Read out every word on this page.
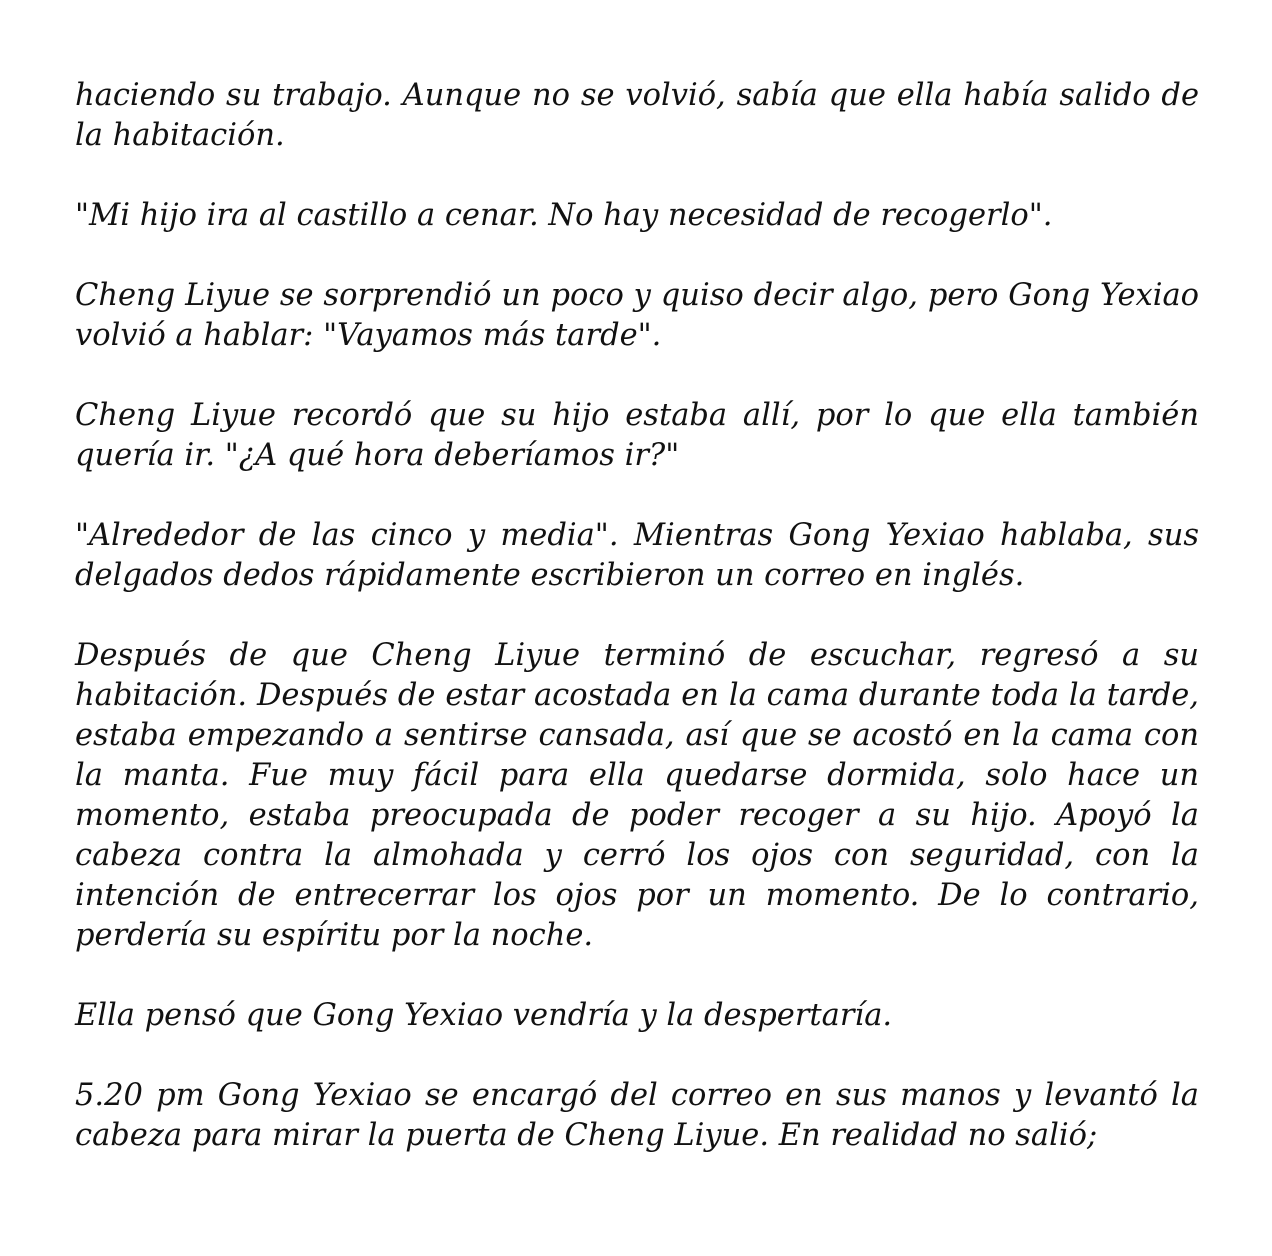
haciendo su trabajo. Aunque no se volvió, sabía que ella había salido de la habitación.

"Mi hijo ira al castillo a cenar. No hay necesidad de recogerlo".

Cheng Liyue se sorprendió un poco y quiso decir algo, pero Gong Yexiao volvió a hablar: "Vayamos más tarde".

Cheng Liyue recordó que su hijo estaba allí, por lo que ella también quería ir. "¿A qué hora deberíamos ir?"

"Alrededor de las cinco y media". Mientras Gong Yexiao hablaba, sus delgados dedos rápidamente escribieron un correo en inglés.

Después de que Cheng Liyue terminó de escuchar, regresó a su habitación. Después de estar acostada en la cama durante toda la tarde, estaba empezando a sentirse cansada, así que se acostó en la cama con la manta. Fue muy fácil para ella quedarse dormida, solo hace un momento, estaba preocupada de poder recoger a su hijo. Apoyó la cabeza contra la almohada y cerró los ojos con seguridad, con la intención de entrecerrar los ojos por un momento. De lo contrario, perdería su espíritu por la noche.

Ella pensó que Gong Yexiao vendría y la despertaría.

5.20 pm Gong Yexiao se encargó del correo en sus manos y levantó la cabeza para mirar la puerta de Cheng Liyue. En realidad no salió;
